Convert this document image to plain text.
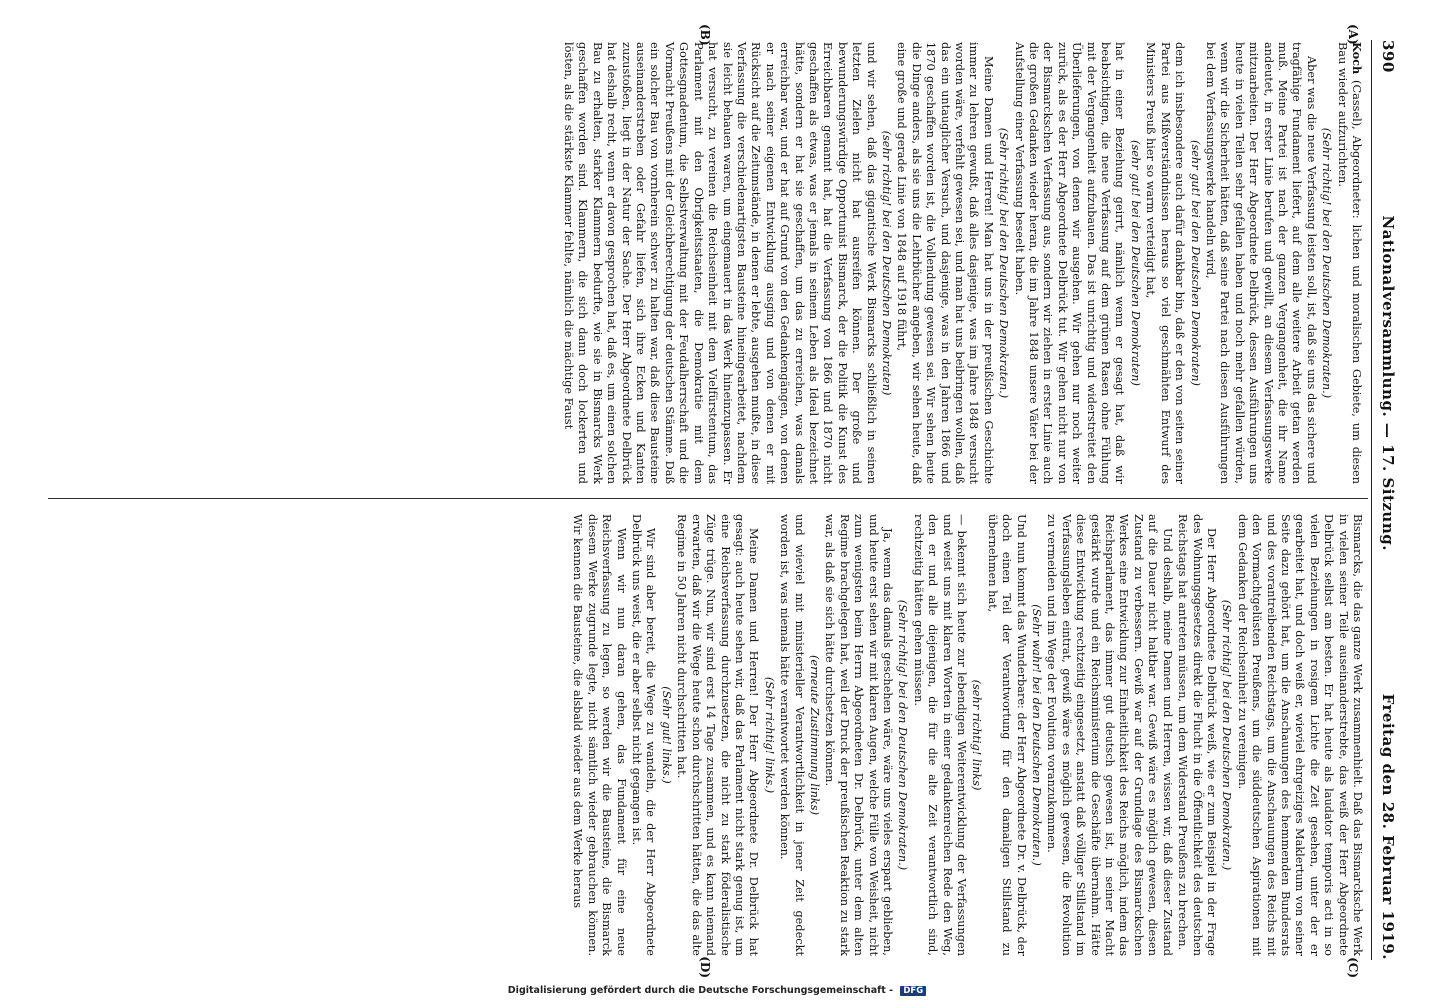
390
Nationalversammlung. — 17. Sitzung.
Freitag den 28. Februar 1919.
(A)
(B)
(C)
(D)

Koch (Cassel), Abgeordneter: lichen und moralischen Gebiete, um diesen Bau wieder aufzurichten.

(Sehr richtig! bei den Deutschen Demokraten.)

Aber was die neue Verfassung leisten soll, ist, daß sie uns das sichere und tragfähige Fundament liefert, auf dem alle weitere Arbeit getan werden muß. Meine Partei ist nach der ganzen Vergangenheit, die ihr Name andeutet, in erster Linie berufen und gewillt, an diesem Verfassungswerke mitzuarbeiten. Der Herr Abgeordnete Delbrück, dessen Ausführungen uns heute in vielen Teilen sehr gefallen haben und noch mehr gefallen würden, wenn wir die Sicherheit hätten, daß seine Partei nach diesen Ausführungen bei dem Verfassungswerke handeln wird,

(sehr gut! bei den Deutschen Demokraten)

dem ich insbesondere auch dafür dankbar bin, daß er den von seiten seiner Partei aus Mißverständnissen heraus so viel geschmähten Entwurf des Ministers Preuß hier so warm verteidigt hat,

(sehr gut! bei den Deutschen Demokraten)

hat in einer Beziehung geirrt, nämlich wenn er gesagt hat, daß wir beabsichtigen, die neue Verfassung auf dem grünen Rasen ohne Fühlung mit der Vergangenheit aufzubauen. Das ist unrichtig und widerstreitet den Überlieferungen, von denen wir ausgehen. Wir gehen nur noch weiter zurück, als es der Herr Abgeordnete Delbrück tut. Wir gehen nicht nur von der Bismarckschen Verfassung aus, sondern wir ziehen in erster Linie auch die großen Gedanken wieder heran, die im Jahre 1848 unsere Väter bei der Aufstellung einer Verfassung beseelt haben.

(Sehr richtig! bei den Deutschen Demokraten.)

Meine Damen und Herren! Man hat uns in der preußischen Geschichte immer zu lehren gewußt, daß alles dasjenige, was im Jahre 1848 versucht worden wäre, verfehlt gewesen sei, und man hat uns beibringen wollen, daß das ein untauglicher Versuch, und dasjenige, was in den Jahren 1866 und 1870 geschaffen worden ist, die Vollendung gewesen sei. Wir sehen heute die Dinge anders, als sie uns die Lehrbücher angeben, wir sehen heute, daß eine große und gerade Linie von 1848 auf 1918 führt,

(sehr richtig! bei den Deutschen Demokraten)

und wir sehen, daß das gigantische Werk Bismarcks schließlich in seinen letzten Zielen nicht hat ausreifen können. Der große und bewunderungswürdige Opportunist Bismarck, der die Politik die Kunst des Erreichbaren genannt hat, hat die Verfassung von 1866 und 1870 nicht geschaffen als etwas, was er jemals in seinem Leben als Ideal bezeichnet hätte, sondern er hat sie geschaffen, um das zu erreichen, was damals erreichbar war, und er hat auf Grund von den Gedankengängen, von denen er nach seiner eigenen Entwicklung ausging und von denen er mit Rücksicht auf die Zeitumstände, in denen er lebte, ausgehen mußte, in diese Verfassung die verschiedenartigsten Bausteine hineingearbeitet, nachdem sie leicht behauen waren, um eingemauert in das Werk hineinzupassen. Er hat versucht, zu vereinen die Reichseinheit mit dem Vielfürstentum, das Parlament mit den Obrigkeitsstaaten, die Demokratie mit dem Gottesgnadentum, die Selbstverwaltung mit der Feudalherrschaft und die Vormacht Preußens mit der Gleichberechtigung der deutschen Stämme. Daß ein solcher Bau von vornherein schwer zu halten war, daß diese Bausteine auseinanderstreben oder Gefahr liefen, sich ihre Ecken und Kanten zuzustoßen, liegt in der Natur der Sache. Der Herr Abgeordnete Delbrück hat deshalb recht, wenn er davon gesprochen hat, daß es, um einen solchen Bau zu erhalten, starker Klammern bedurfte, wie sie in Bismarcks Werk geschaffen worden sind. Klammern, die sich dann doch lockerten und lösten, als die stärkste Klammer fehlte, nämlich die mächtige Faust

Bismarcks, die das ganze Werk zusammenhielt. Daß das Bismarcksche Werk in vielen seiner Teile auseinanderstrebte, das weiß der Herr Abgeordnete Delbrück selbst am besten. Er hat heute als laudator temporis acti in so vielen Beziehungen in rosigem Lichte die Zeit gesehen, unter der er gearbeitet hat, und doch weiß er, wieviel ehrgeiziges Maklertum von seiner Seite dazu gehört hat, um die Anschauungen des hemmenden Bundesrats und des vorantreibenden Reichstags, um die Anschauungen des Reichs mit den Vormachtgelüsten Preußens, um die süddeutschen Aspirationen mit dem Gedanken der Reichseinheit zu vereinigen.

(Sehr richtig! bei den Deutschen Demokraten.)

Der Herr Abgeordnete Delbrück weiß, wie er zum Beispiel in der Frage des Wohnungsgesetzes direkt die Flucht in die Öffentlichkeit des deutschen Reichstags hat antreten müssen, um dem Widerstand Preußens zu brechen.

Und deshalb, meine Damen und Herren, wissen wir, daß dieser Zustand auf die Dauer nicht haltbar war. Gewiß wäre es möglich gewesen, diesen Zustand zu verbessern. Gewiß war auf der Grundlage des Bismarckschen Werkes eine Entwicklung zur Einheitlichkeit des Reichs möglich, indem das Reichsparlament, das immer gut deutsch gewesen ist, in seiner Macht gestärkt wurde und ein Reichsministerium die Geschäfte übernahm. Hätte diese Entwicklung rechtzeitig eingesetzt, anstatt daß völliger Stillstand im Verfassungsleben eintrat, gewiß wäre es möglich gewesen, die Revolution zu vermeiden und im Wege der Evolution voranzukommen.

(Sehr wahr! bei den Deutschen Demokraten.)

Und nun kommt das Wunderbare: der Herr Abgeordnete Dr. v. Delbrück, der doch einen Teil der Verantwortung für den damaligen Stillstand zu übernehmen hat,

(sehr richtig! links)

— bekennt sich heute zur lebendigen Weiterentwicklung der Verfassungen und weist uns mit klaren Worten in einer gedankenreichen Rede den Weg, den er und alle diejenigen, die für die alte Zeit verantwortlich sind, rechtzeitig hätten gehen müssen.

(Sehr richtig! bei den Deutschen Demokraten.)

Ja, wenn das damals geschehen wäre, wäre uns vieles erspart geblieben, und heute erst sehen wir mit klaren Augen, welche Fülle von Weisheit, nicht zum wenigsten beim Herrn Abgeordneten Dr. Delbrück, unter dem alten Regime brachgelegen hat, weil der Druck der preußischen Reaktion zu stark war, als daß sie sich hätte durchsetzen können.

(erneute Zustimmung links)

und wieviel mit ministerieller Verantwortlichkeit in jener Zeit gedeckt worden ist, was niemals hätte verantwortet werden können.

(Sehr richtig! links.)

Meine Damen und Herren! Der Herr Abgeordnete Dr. Delbrück hat gesagt: auch heute sehen wir, daß das Parlament nicht stark genug ist, um eine Reichsverfassung durchzusetzen, die nicht zu stark föderalistische Züge trüge. Nun, wir sind erst 14 Tage zusammen, und es kann niemand erwarten, daß wir die Wege heute schon durchschritten hätten, die das alte Regime in 50 Jahren nicht durchschritten hat.

(Sehr gut! links.)

Wir sind aber bereit, die Wege zu wandeln, die der Herr Abgeordnete Delbrück uns weist, die er aber selbst nicht gegangen ist.

Wenn wir nun daran gehen, das Fundament für eine neue Reichsverfassung zu legen, so werden wir die Bausteine, die Bismarck diesem Werke zugrunde legte, nicht sämtlich wieder gebrauchen können. Wir kennen die Bausteine, die alsbald wieder aus dem Werke heraus

Digitalisierung gefördert durch die Deutsche Forschungsgemeinschaft - DFG
